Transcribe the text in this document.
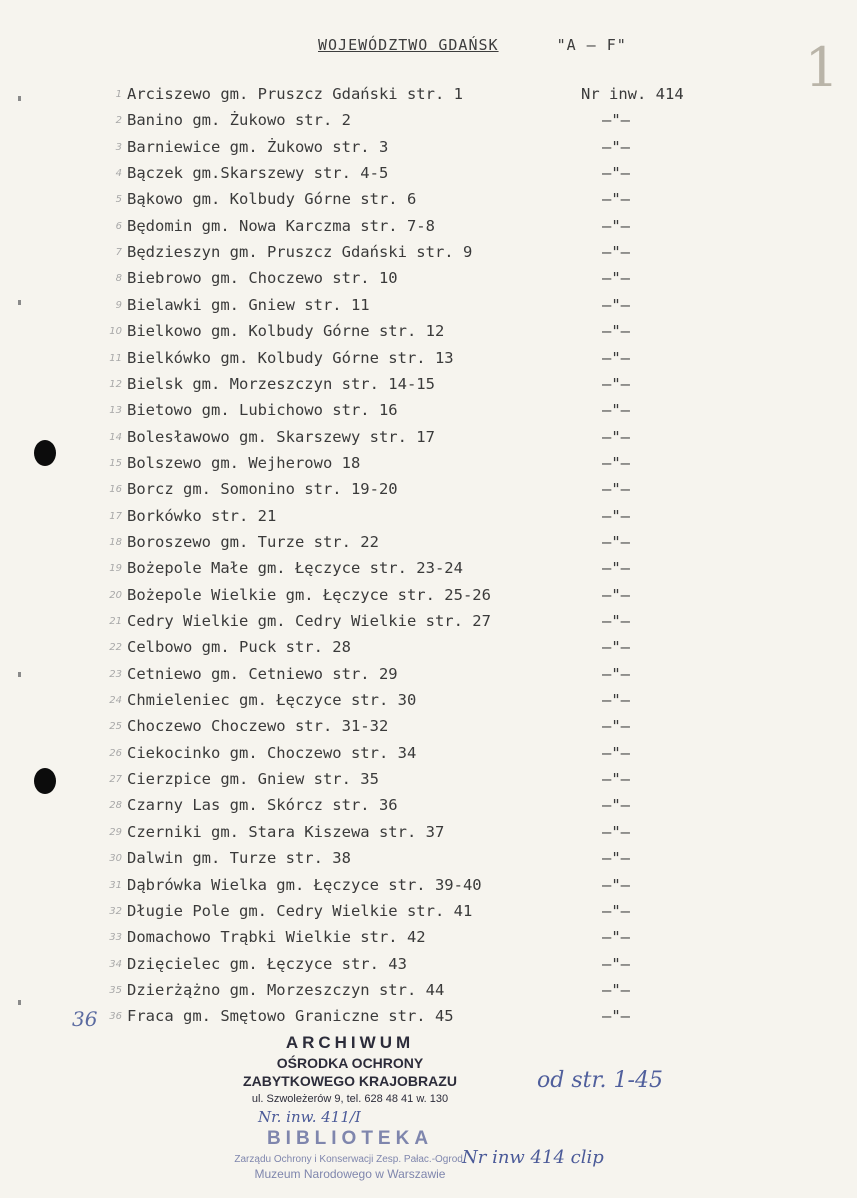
WOJEWÓDZTWO GDAŃSK	"A – F"	1
1 Arciszewo gm. Pruszcz Gdański str. 1	Nr inw. 414
2 Banino gm. Żukowo str. 2	–"–
3 Barniewice gm. Żukowo str. 3	–"–
4 Bączek gm.Skarszewy str. 4-5	–"–
5 Bąkowo gm. Kolbudy Górne str. 6	–"–
6 Będomin gm. Nowa Karczma str. 7-8	–"–
7 Będzieszyn gm. Pruszcz Gdański str. 9	–"–
8 Biebrowo gm. Choczewo str. 10	–"–
9 Bielawki gm. Gniew str. 11	–"–
10 Bielkowo gm. Kolbudy Górne str. 12	–"–
11 Bielkówko gm. Kolbudy Górne str. 13	–"–
12 Bielsk gm. Morzeszczyn str. 14-15	–"–
13 Bietowo gm. Lubichowo str. 16	–"–
14 Bolesławowo gm. Skarszewy str. 17	–"–
15 Bolszewo gm. Wejherowo 18	–"–
16 Borcz gm. Somonino str. 19-20	–"–
17 Borkówko str. 21	–"–
18 Boroszewo gm. Turze str. 22	–"–
19 Bożepole Małe gm. Łęczyce str. 23-24	–"–
20 Bożepole Wielkie gm. Łęczyce str. 25-26	–"–
21 Cedry Wielkie gm. Cedry Wielkie str. 27	–"–
22 Celbowo gm. Puck str. 28	–"–
23 Cetniewo gm. Cetniewo str. 29	–"–
24 Chmieleniec gm. Łęczyce str. 30	–"–
25 Choczewo Choczewo str. 31-32	–"–
26 Ciekocinko gm. Choczewo str. 34	–"–
27 Cierzpice gm. Gniew str. 35	–"–
28 Czarny Las gm. Skórcz str. 36	–"–
29 Czerniki gm. Stara Kiszewa str. 37	–"–
30 Dalwin gm. Turze str. 38	–"–
31 Dąbrówka Wielka gm. Łęczyce str. 39-40	–"–
32 Długie Pole gm. Cedry Wielkie str. 41	–"–
33 Domachowo Trąbki Wielkie str. 42	–"–
34 Dzięcielec gm. Łęczyce str. 43	–"–
35 Dzierżążno gm. Morzeszczyn str. 44	–"–
36
36 Fraca gm. Smętowo Graniczne str. 45	–"–
ARCHIWUM
OŚRODKA OCHRONY
ZABYTKOWEGO KRAJOBRAZU
ul. Szwoleżerów 9, tel. 628 48 41 w. 130
od str. 1-45
Nr. inw. 411/I
BIBLIOTEKA
Zarządu Ochrony i Konserwacji Zesp. Pałac.-Ogrod.
Muzeum Narodowego w Warszawie
Nr inw 414 clip
